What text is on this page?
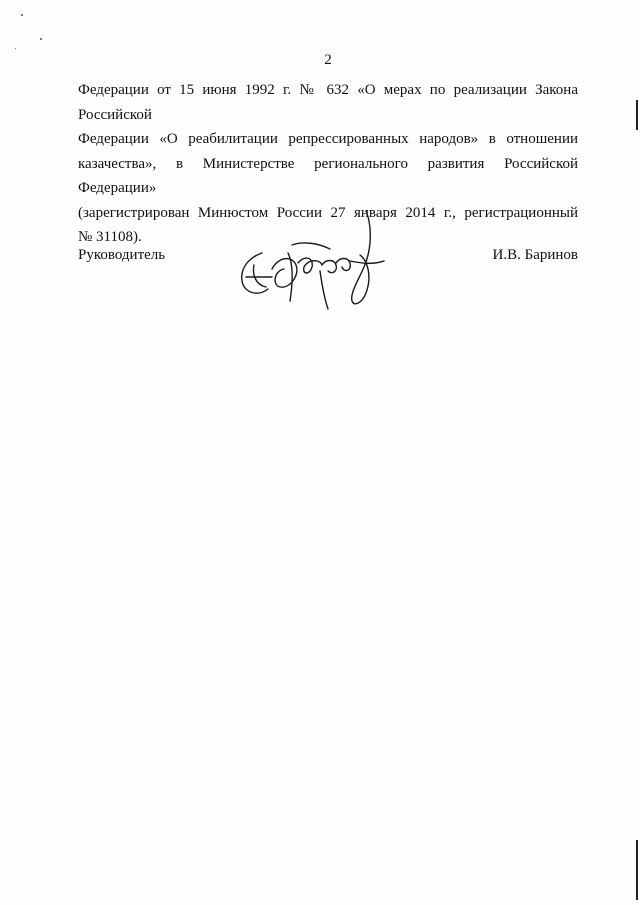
2

Федерации от 15 июня 1992 г. № 632 «О мерах по реализации Закона Российской
Федерации «О реабилитации репрессированных народов» в отношении
казачества», в Министерстве регионального развития Российской Федерации»
(зарегистрирован Минюстом России 27 января 2014 г., регистрационный
№ 31108).

Руководитель	И.В. Баринов
